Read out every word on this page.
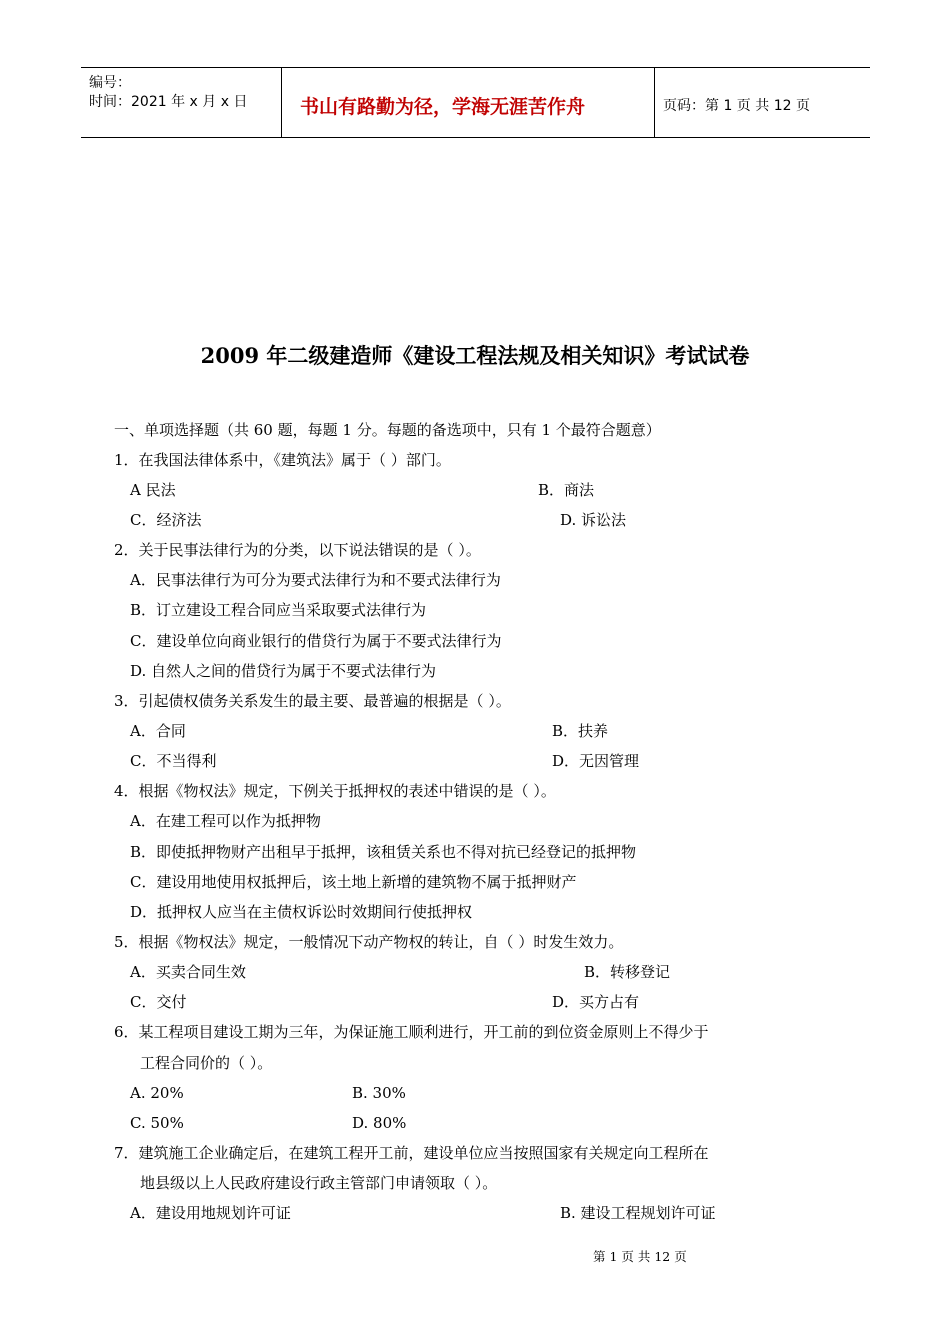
编号：
时间：2021 年 x 月 x 日	书山有路勤为径，学海无涯苦作舟	页码：第 1 页 共 12 页
2009 年二级建造师《建设工程法规及相关知识》考试试卷
一、单项选择题（共 60 题，每题 1 分。每题的备选项中，只有 1 个最符合题意）
1．在我国法律体系中，《建筑法》属于（ ）部门。
A 民法	B．商法
C．经济法	D. 诉讼法
2．关于民事法律行为的分类，以下说法错误的是（ ）。
A．民事法律行为可分为要式法律行为和不要式法律行为
B．订立建设工程合同应当采取要式法律行为
C．建设单位向商业银行的借贷行为属于不要式法律行为
D. 自然人之间的借贷行为属于不要式法律行为
3．引起债权债务关系发生的最主要、最普遍的根据是（ ）。
A．合同	B．扶养
C．不当得利	D．无因管理
4．根据《物权法》规定，下例关于抵押权的表述中错误的是（ ）。
A．在建工程可以作为抵押物
B．即使抵押物财产出租早于抵押，该租赁关系也不得对抗已经登记的抵押物
C．建设用地使用权抵押后，该土地上新增的建筑物不属于抵押财产
D．抵押权人应当在主债权诉讼时效期间行使抵押权
5．根据《物权法》规定，一般情况下动产物权的转让，自（ ）时发生效力。
A．买卖合同生效	B．转移登记
C．交付	D．买方占有
6．某工程项目建设工期为三年，为保证施工顺利进行，开工前的到位资金原则上不得少于
工程合同价的（ ）。
A. 20%	B. 30%
C. 50%	D. 80%
7．建筑施工企业确定后，在建筑工程开工前，建设单位应当按照国家有关规定向工程所在
地县级以上人民政府建设行政主管部门申请领取（ ）。
A．建设用地规划许可证	B. 建设工程规划许可证
第 1 页 共 12 页
